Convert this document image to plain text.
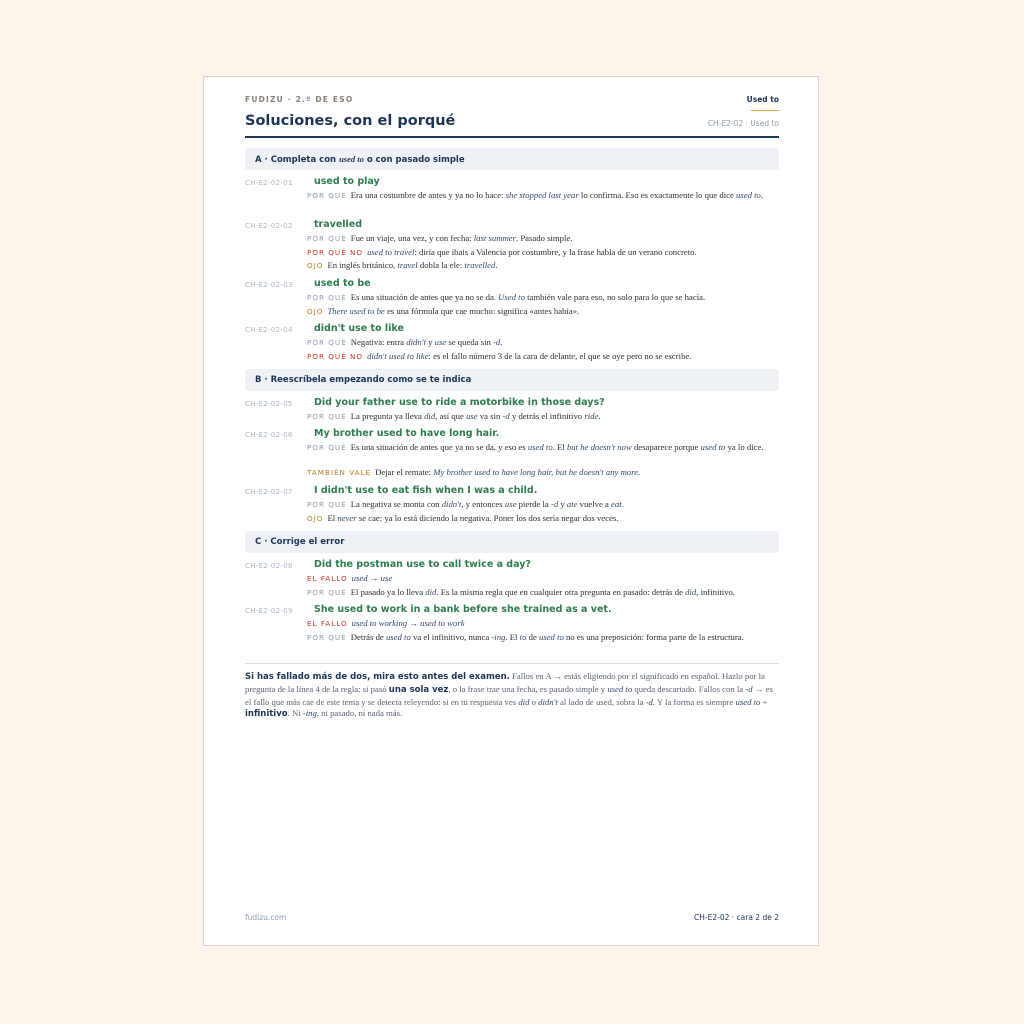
FUDIZU · 2.º DE ESO	Used to
Soluciones, con el porqué	CH-E2-02 · Used to
A · Completa con used to o con pasado simple
CH-E2-02-01 used to play
POR QUÉ Era una costumbre de antes y ya no lo hace: she stopped last year lo confirma. Eso es exactamente lo que dice used to.
CH-E2-02-02 travelled
POR QUÉ Fue un viaje, una vez, y con fecha: last summer. Pasado simple.
POR QUÉ NO used to travel: diría que ibais a Valencia por costumbre, y la frase habla de un verano concreto.
OJO En inglés británico, travel dobla la ele: travelled.
CH-E2-02-03 used to be
POR QUÉ Es una situación de antes que ya no se da. Used to también vale para eso, no solo para lo que se hacía.
OJO There used to be es una fórmula que cae mucho: significa «antes había».
CH-E2-02-04 didn't use to like
POR QUÉ Negativa: entra didn't y use se queda sin -d.
POR QUÉ NO didn't used to like: es el fallo número 3 de la cara de delante, el que se oye pero no se escribe.
B · Reescríbela empezando como se te indica
CH-E2-02-05 Did your father use to ride a motorbike in those days?
POR QUÉ La pregunta ya lleva did, así que use va sin -d y detrás el infinitivo ride.
CH-E2-02-06 My brother used to have long hair.
POR QUÉ Es una situación de antes que ya no se da, y eso es used to. El but he doesn't now desaparece porque used to ya lo dice.
TAMBIÉN VALE Dejar el remate: My brother used to have long hair, but he doesn't any more.
CH-E2-02-07 I didn't use to eat fish when I was a child.
POR QUÉ La negativa se monta con didn't, y entonces use pierde la -d y ate vuelve a eat.
OJO El never se cae: ya lo está diciendo la negativa. Poner los dos sería negar dos veces.
C · Corrige el error
CH-E2-02-08 Did the postman use to call twice a day?
EL FALLO used → use
POR QUÉ El pasado ya lo lleva did. Es la misma regla que en cualquier otra pregunta en pasado: detrás de did, infinitivo.
CH-E2-02-09 She used to work in a bank before she trained as a vet.
EL FALLO used to working → used to work
POR QUÉ Detrás de used to va el infinitivo, nunca -ing. El to de used to no es una preposición: forma parte de la estructura.
Si has fallado más de dos, mira esto antes del examen. Fallos en A → estás eligiendo por el significado en español. Hazlo por la pregunta de la línea 4 de la regla: si pasó una sola vez, o la frase trae una fecha, es pasado simple y used to queda descartado. Fallos con la -d → es el fallo que más cae de este tema y se detecta releyendo: si en tu respuesta ves did o didn't al lado de used, sobra la -d. Y la forma es siempre used to + infinitivo. Ni -ing, ni pasado, ni nada más.
fudizu.com	CH-E2-02 · cara 2 de 2
